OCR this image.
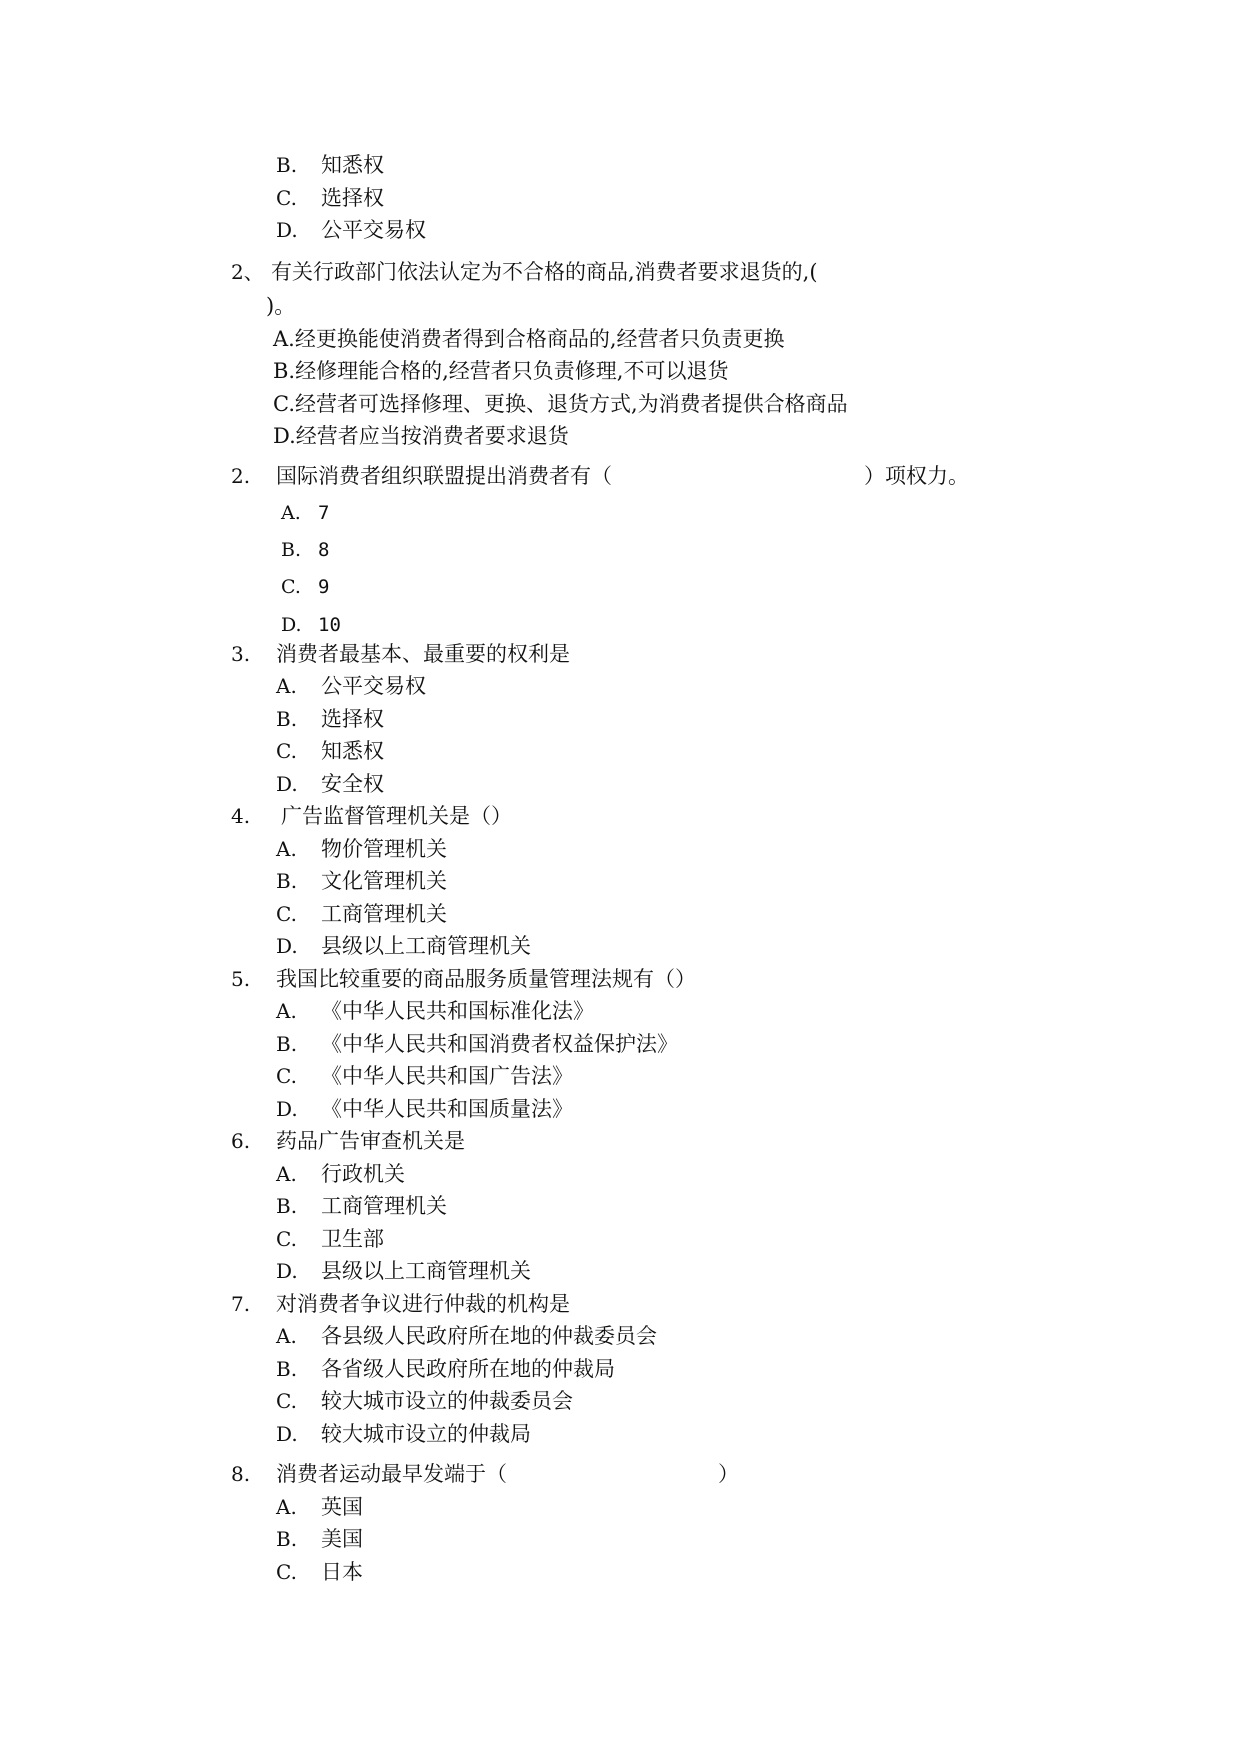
B. 知悉权
C. 选择权
D. 公平交易权
2、 有关行政部门依法认定为不合格的商品,消费者要求退货的,(
)。
A.经更换能使消费者得到合格商品的,经营者只负责更换
B.经修理能合格的,经营者只负责修理,不可以退货
C.经营者可选择修理、更换、退货方式,为消费者提供合格商品
D.经营者应当按消费者要求退货
2. 国际消费者组织联盟提出消费者有（	）项权力。
A. 7
B. 8
C. 9
D. 10
3. 消费者最基本、最重要的权利是
A. 公平交易权
B. 选择权
C. 知悉权
D. 安全权
4. 广告监督管理机关是（）
A. 物价管理机关
B. 文化管理机关
C. 工商管理机关
D. 县级以上工商管理机关
5. 我国比较重要的商品服务质量管理法规有（）
A. 《中华人民共和国标准化法》
B. 《中华人民共和国消费者权益保护法》
C. 《中华人民共和国广告法》
D. 《中华人民共和国质量法》
6. 药品广告审查机关是
A. 行政机关
B. 工商管理机关
C. 卫生部
D. 县级以上工商管理机关
7. 对消费者争议进行仲裁的机构是
A. 各县级人民政府所在地的仲裁委员会
B. 各省级人民政府所在地的仲裁局
C. 较大城市设立的仲裁委员会
D. 较大城市设立的仲裁局
8. 消费者运动最早发端于（	）
A. 英国
B. 美国
C. 日本
